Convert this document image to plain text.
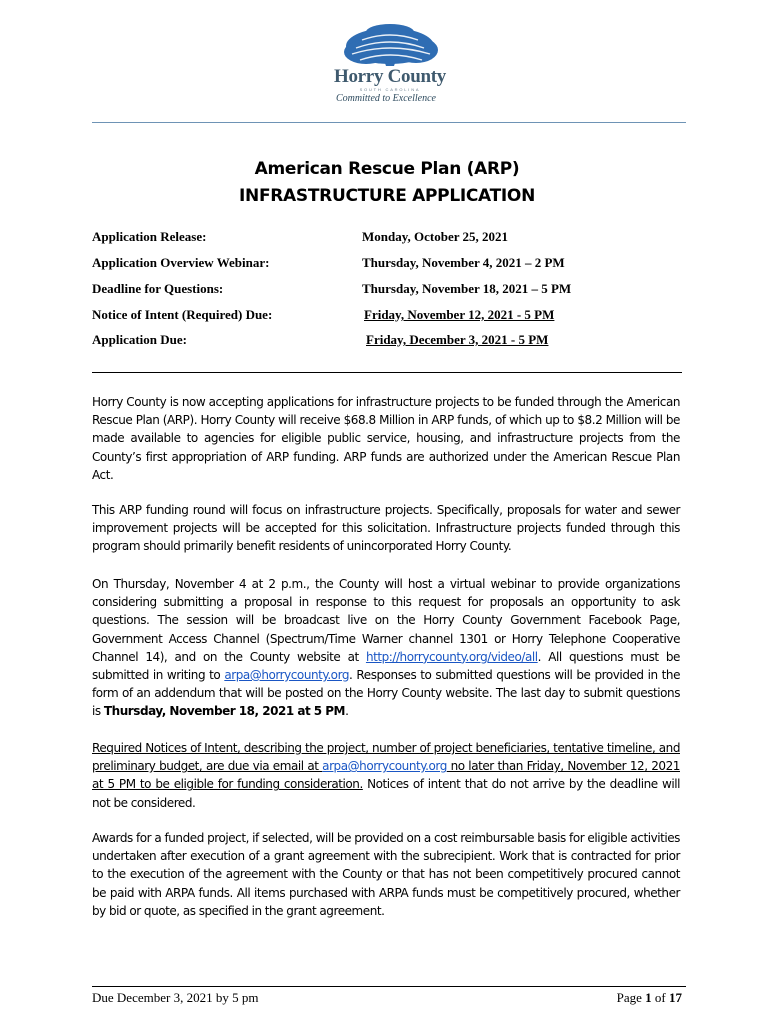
Horry County
SOUTH CAROLINA
Committed to Excellence
American Rescue Plan (ARP)
INFRASTRUCTURE APPLICATION
Application Release:	Monday, October 25, 2021
Application Overview Webinar:	Thursday, November 4, 2021 – 2 PM
Deadline for Questions:	Thursday, November 18, 2021 – 5 PM
Notice of Intent (Required) Due:	Friday, November 12, 2021 - 5 PM
Application Due:	Friday, December 3, 2021 - 5 PM

Horry County is now accepting applications for infrastructure projects to be funded through the American Rescue Plan (ARP). Horry County will receive $68.8 Million in ARP funds, of which up to $8.2 Million will be made available to agencies for eligible public service, housing, and infrastructure projects from the County’s first appropriation of ARP funding. ARP funds are authorized under the American Rescue Plan Act.

This ARP funding round will focus on infrastructure projects. Specifically, proposals for water and sewer improvement projects will be accepted for this solicitation. Infrastructure projects funded through this program should primarily benefit residents of unincorporated Horry County.

On Thursday, November 4 at 2 p.m., the County will host a virtual webinar to provide organizations considering submitting a proposal in response to this request for proposals an opportunity to ask questions. The session will be broadcast live on the Horry County Government Facebook Page, Government Access Channel (Spectrum/Time Warner channel 1301 or Horry Telephone Cooperative Channel 14), and on the County website at http://horrycounty.org/video/all. All questions must be submitted in writing to arpa@horrycounty.org. Responses to submitted questions will be provided in the form of an addendum that will be posted on the Horry County website. The last day to submit questions is Thursday, November 18, 2021 at 5 PM.

Required Notices of Intent, describing the project, number of project beneficiaries, tentative timeline, and preliminary budget, are due via email at arpa@horrycounty.org no later than Friday, November 12, 2021 at 5 PM to be eligible for funding consideration. Notices of intent that do not arrive by the deadline will not be considered.

Awards for a funded project, if selected, will be provided on a cost reimbursable basis for eligible activities undertaken after execution of a grant agreement with the subrecipient. Work that is contracted for prior to the execution of the agreement with the County or that has not been competitively procured cannot be paid with ARPA funds. All items purchased with ARPA funds must be competitively procured, whether by bid or quote, as specified in the grant agreement.

Due December 3, 2021 by 5 pm	Page 1 of 17
